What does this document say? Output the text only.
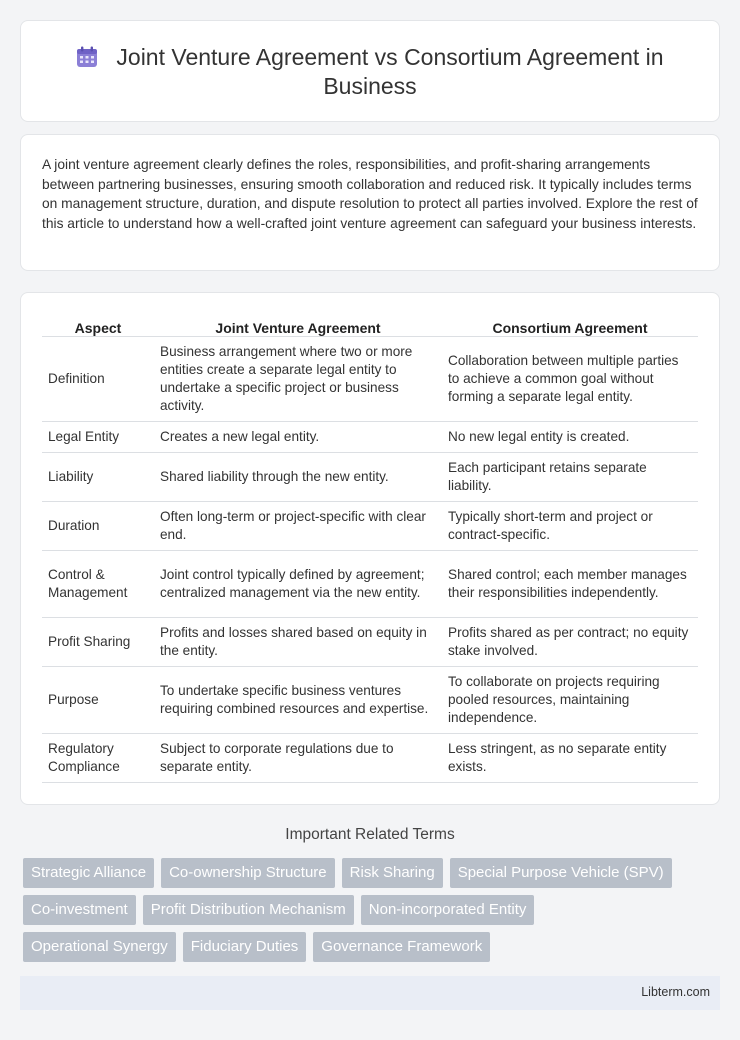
Joint Venture Agreement vs Consortium Agreement in Business

A joint venture agreement clearly defines the roles, responsibilities, and profit-sharing arrangements between partnering businesses, ensuring smooth collaboration and reduced risk. It typically includes terms on management structure, duration, and dispute resolution to protect all parties involved. Explore the rest of this article to understand how a well-crafted joint venture agreement can safeguard your business interests.

Aspect	Joint Venture Agreement	Consortium Agreement
Definition	Business arrangement where two or more entities create a separate legal entity to undertake a specific project or business activity.	Collaboration between multiple parties to achieve a common goal without forming a separate legal entity.
Legal Entity	Creates a new legal entity.	No new legal entity is created.
Liability	Shared liability through the new entity.	Each participant retains separate liability.
Duration	Often long-term or project-specific with clear end.	Typically short-term and project or contract-specific.
Control & Management	Joint control typically defined by agreement; centralized management via the new entity.	Shared control; each member manages their responsibilities independently.
Profit Sharing	Profits and losses shared based on equity in the entity.	Profits shared as per contract; no equity stake involved.
Purpose	To undertake specific business ventures requiring combined resources and expertise.	To collaborate on projects requiring pooled resources, maintaining independence.
Regulatory Compliance	Subject to corporate regulations due to separate entity.	Less stringent, as no separate entity exists.
Important Related Terms
Strategic Alliance	Co-ownership Structure	Risk Sharing	Special Purpose Vehicle (SPV)
Co-investment	Profit Distribution Mechanism	Non-incorporated Entity
Operational Synergy	Fiduciary Duties	Governance Framework
Libterm.com
